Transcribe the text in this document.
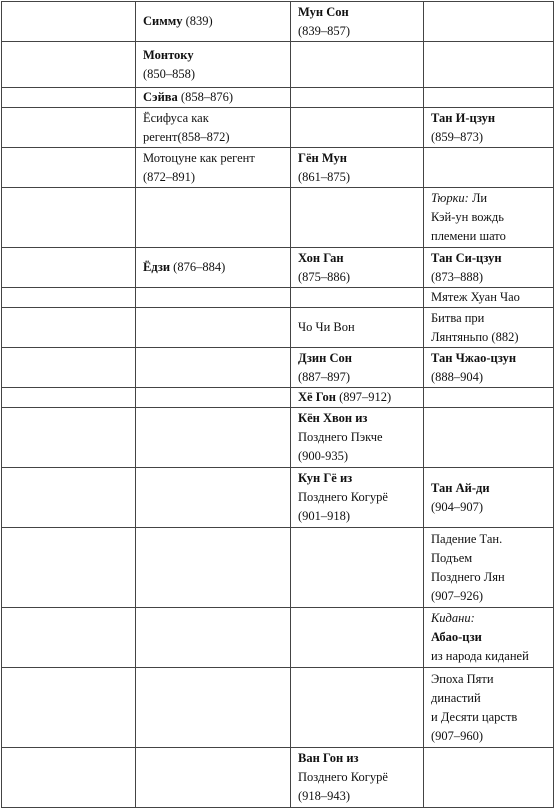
	Симму (839)	Мун Сон
(839–857)	

	Монтоку
(850–858)		

	Сэйва (858–876)		

	Ёсифуса как
регент(858–872)		Тан И-цзун
(859–873)

	Мотоцуне как регент
(872–891)	Гён Мун
(861–875)	

			Тюрки: Ли
Кэй-ун вождь
племени шато

	Ёдзи (876–884)	Хон Ган
(875–886)	Тан Си-цзун
(873–888)

			Мятеж Хуан Чао

		Чо Чи Вон	Битва при
Лянтяньпо (882)

		Дзин Сон
(887–897)	Тан Чжао-цзун
(888–904)

		Хё Гон (897–912)	

		Кён Хвон из
Позднего Пэкче
(900-935)	

		Кун Гё из
Позднего Когурё
(901–918)	Тан Ай-ди
(904–907)

			Падение Тан.
Подъем
Позднего Лян
(907–926)

			Кидани:
Абао-цзи
из народа киданей

			Эпоха Пяти
династий
и Десяти царств
(907–960)

		Ван Гон из
Позднего Когурё
(918–943)	
